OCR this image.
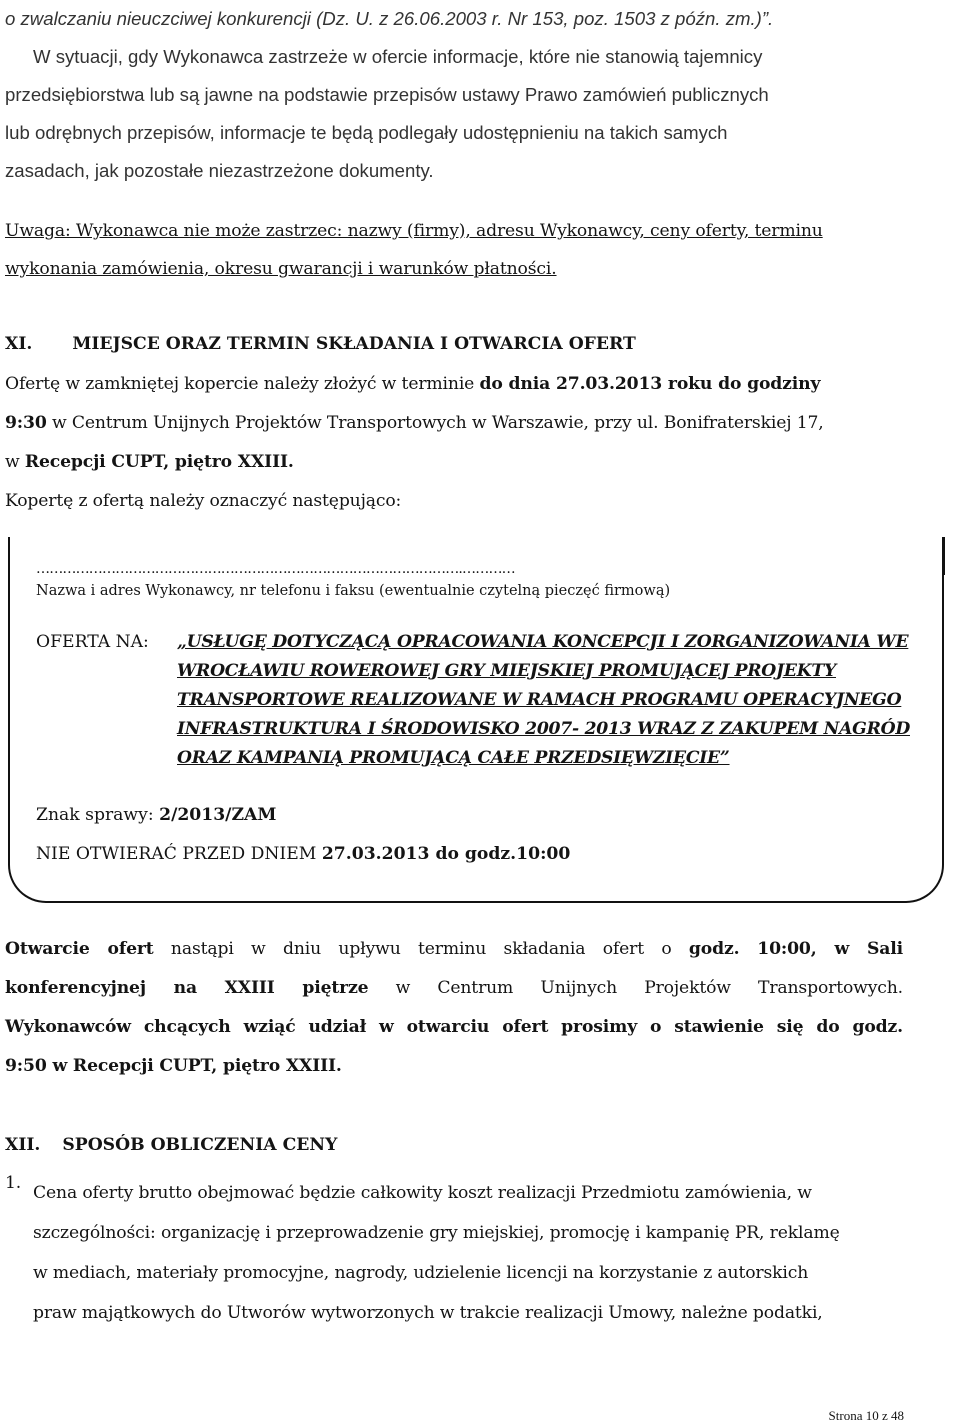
o zwalczaniu nieuczciwej konkurencji (Dz. U. z 26.06.2003 r. Nr 153, poz. 1503 z późn. zm.)”.
W sytuacji, gdy Wykonawca zastrzeże w ofercie informacje, które nie stanowią tajemnicy
przedsiębiorstwa lub są jawne na podstawie przepisów ustawy Prawo zamówień publicznych
lub odrębnych przepisów, informacje te będą podlegały udostępnieniu na takich samych
zasadach, jak pozostałe niezastrzeżone dokumenty.
Uwaga: Wykonawca nie może zastrzec: nazwy (firmy), adresu Wykonawcy, ceny oferty, terminu
wykonania zamówienia, okresu gwarancji i warunków płatności.
XI. MIEJSCE ORAZ TERMIN SKŁADANIA I OTWARCIA OFERT
Ofertę w zamkniętej kopercie należy złożyć w terminie do dnia 27.03.2013 roku do godziny
9:30 w Centrum Unijnych Projektów Transportowych w Warszawie, przy ul. Bonifraterskiej 17,
w Recepcji CUPT, piętro XXIII.
Kopertę z ofertą należy oznaczyć następująco:
…………………………………………………………………………………….…………
Nazwa i adres Wykonawcy, nr telefonu i faksu (ewentualnie czytelną pieczęć firmową)
OFERTA NA: „USŁUGĘ DOTYCZĄCĄ OPRACOWANIA KONCEPCJI I ZORGANIZOWANIA WE
WROCŁAWIU ROWEROWEJ GRY MIEJSKIEJ PROMUJĄCEJ PROJEKTY
TRANSPORTOWE REALIZOWANE W RAMACH PROGRAMU OPERACYJNEGO
INFRASTRUKTURA I ŚRODOWISKO 2007- 2013 WRAZ Z ZAKUPEM NAGRÓD
ORAZ KAMPANIĄ PROMUJĄCĄ CAŁE PRZEDSIĘWZIĘCIE”
Znak sprawy: 2/2013/ZAM
NIE OTWIERAĆ PRZED DNIEM 27.03.2013 do godz.10:00
Otwarcie ofert nastąpi w dniu upływu terminu składania ofert o godz. 10:00, w Sali
konferencyjnej na XXIII piętrze w Centrum Unijnych Projektów Transportowych.
Wykonawców chcących wziąć udział w otwarciu ofert prosimy o stawienie się do godz.
9:50 w Recepcji CUPT, piętro XXIII.
XII. SPOSÓB OBLICZENIA CENY
1. Cena oferty brutto obejmować będzie całkowity koszt realizacji Przedmiotu zamówienia, w
szczególności: organizację i przeprowadzenie gry miejskiej, promocję i kampanię PR, reklamę
w mediach, materiały promocyjne, nagrody, udzielenie licencji na korzystanie z autorskich
praw majątkowych do Utworów wytworzonych w trakcie realizacji Umowy, należne podatki,
Strona 10 z 48
